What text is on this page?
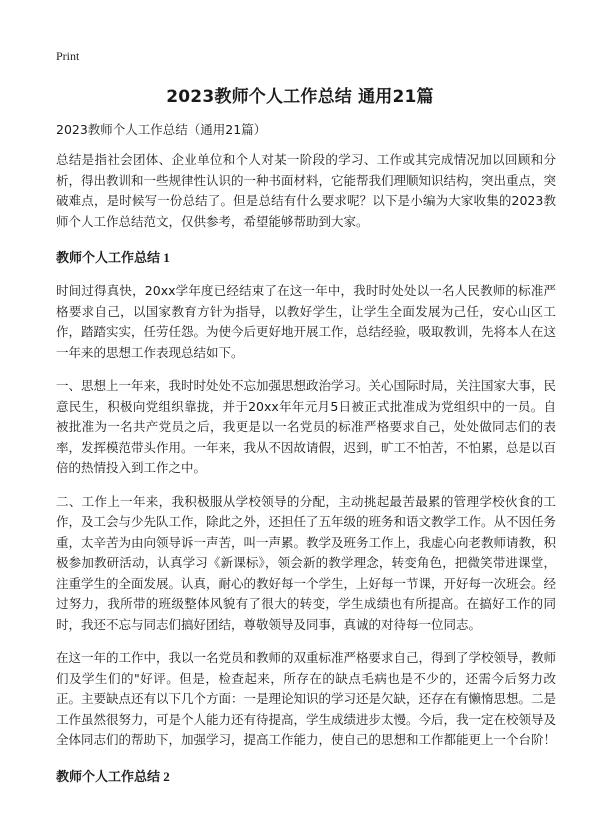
Print
2023教师个人工作总结 通用21篇

2023教师个人工作总结（通用21篇）

总结是指社会团体、企业单位和个人对某一阶段的学习、工作或其完成情况加以回顾和分析，得出教训和一些规律性认识的一种书面材料，它能帮我们理顺知识结构，突出重点，突破难点，是时候写一份总结了。但是总结有什么要求呢？以下是小编为大家收集的2023教师个人工作总结范文，仅供参考，希望能够帮助到大家。

教师个人工作总结 1

时间过得真快，20xx学年度已经结束了在这一年中，我时时处处以一名人民教师的标准严格要求自己，以国家教育方针为指导，以教好学生，让学生全面发展为己任，安心山区工作，踏踏实实，任劳任怨。为使今后更好地开展工作，总结经验，吸取教训，先将本人在这一年来的思想工作表现总结如下。

一、思想上一年来，我时时处处不忘加强思想政治学习。关心国际时局，关注国家大事，民意民生，积极向党组织靠拢，并于20xx年年元月5日被正式批准成为党组织中的一员。自被批准为一名共产党员之后，我更是以一名党员的标准严格要求自己，处处做同志们的表率，发挥模范带头作用。一年来，我从不因故请假，迟到，旷工不怕苦，不怕累，总是以百倍的热情投入到工作之中。

二、工作上一年来，我积极服从学校领导的分配，主动挑起最苦最累的管理学校伙食的工作，及工会与少先队工作，除此之外，还担任了五年级的班务和语文教学工作。从不因任务重，太辛苦为由向领导诉一声苦，叫一声累。教学及班务工作上，我虚心向老教师请教，积极参加教研活动，认真学习《新课标》，领会新的教学理念，转变角色，把微笑带进课堂，注重学生的全面发展。认真，耐心的教好每一个学生，上好每一节课，开好每一次班会。经过努力，我所带的班级整体风貌有了很大的转变，学生成绩也有所提高。在搞好工作的同时，我还不忘与同志们搞好团结，尊敬领导及同事，真诚的对待每一位同志。

在这一年的工作中，我以一名党员和教师的双重标准严格要求自己，得到了学校领导，教师们及学生们的"好评。但是，检查起来，所存在的缺点毛病也是不少的，还需今后努力改正。主要缺点还有以下几个方面：一是理论知识的学习还是欠缺，还存在有懒惰思想。二是工作虽然很努力，可是个人能力还有待提高，学生成绩进步太慢。今后，我一定在校领导及全体同志们的帮助下，加强学习，提高工作能力，使自己的思想和工作都能更上一个台阶！

教师个人工作总结 2
